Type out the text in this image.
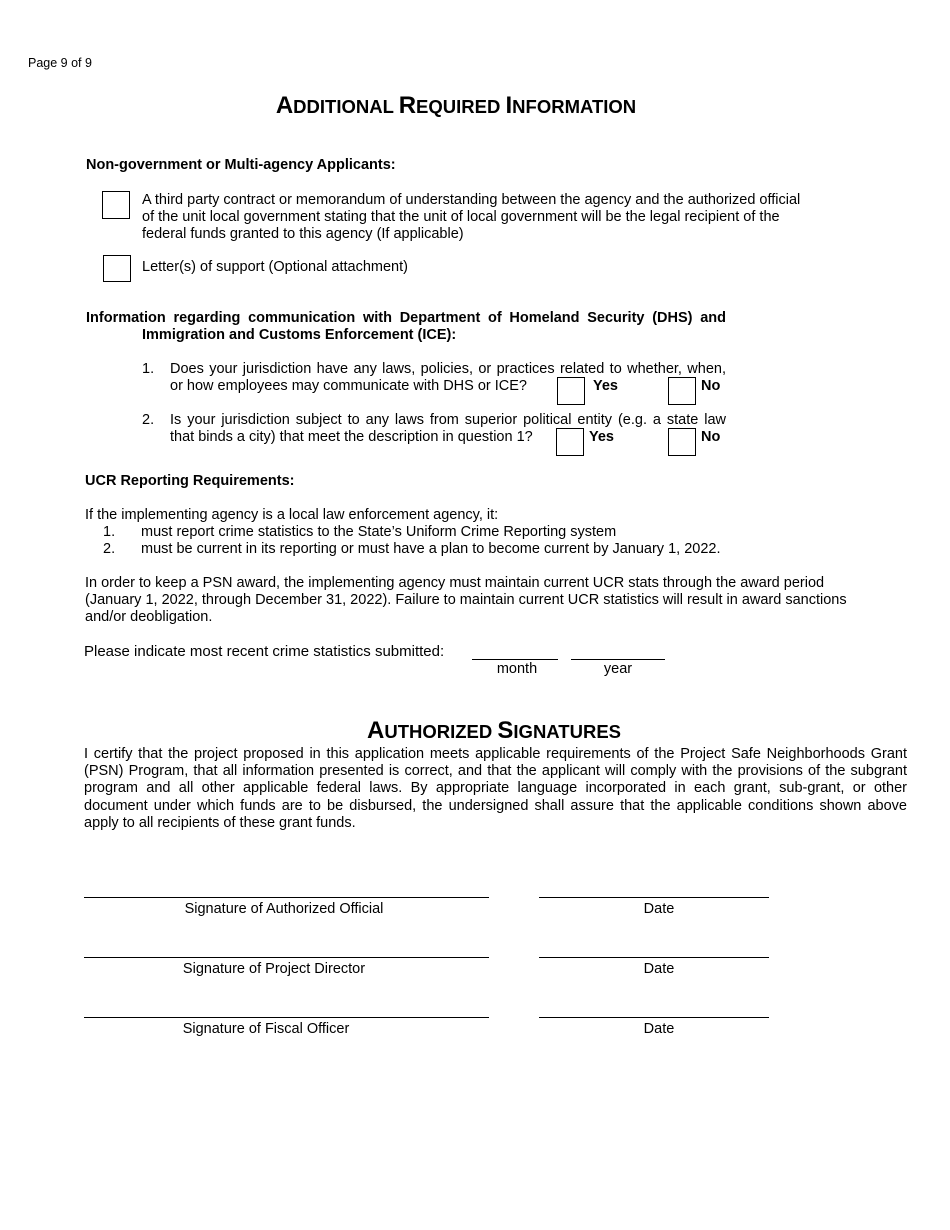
Page 9 of 9
ADDITIONAL REQUIRED INFORMATION
Non-government or Multi-agency Applicants:
A third party contract or memorandum of understanding between the agency and the authorized official
of the unit local government stating that the unit of local government will be the legal recipient of the
federal funds granted to this agency (If applicable)
Letter(s) of support (Optional attachment)
Information regarding communication with Department of Homeland Security (DHS) and
Immigration and Customs Enforcement (ICE):
1. Does your jurisdiction have any laws, policies, or practices related to whether, when,
or how employees may communicate with DHS or ICE?	Yes	No
2. Is your jurisdiction subject to any laws from superior political entity (e.g. a state law
that binds a city) that meet the description in question 1?	Yes	No
UCR Reporting Requirements:
If the implementing agency is a local law enforcement agency, it:
1. must report crime statistics to the State’s Uniform Crime Reporting system
2. must be current in its reporting or must have a plan to become current by January 1, 2022.
In order to keep a PSN award, the implementing agency must maintain current UCR stats through the award period
(January 1, 2022, through December 31, 2022). Failure to maintain current UCR statistics will result in award sanctions
and/or deobligation.
Please indicate most recent crime statistics submitted:
month	year
AUTHORIZED SIGNATURES
I certify that the project proposed in this application meets applicable requirements of the Project Safe Neighborhoods Grant
(PSN) Program, that all information presented is correct, and that the applicant will comply with the provisions of the subgrant
program and all other applicable federal laws. By appropriate language incorporated in each grant, sub-grant, or other
document under which funds are to be disbursed, the undersigned shall assure that the applicable conditions shown above
apply to all recipients of these grant funds.
Signature of Authorized Official	Date
Signature of Project Director	Date
Signature of Fiscal Officer	Date
